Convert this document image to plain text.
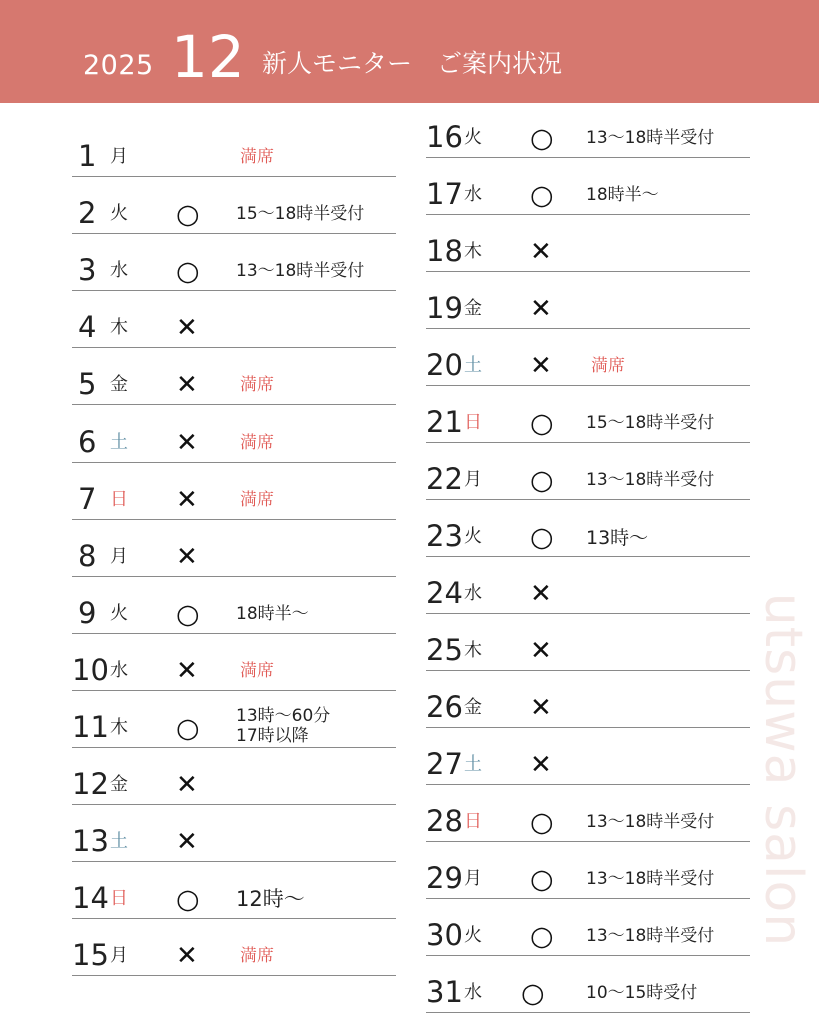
2025 12 新人モニター　ご案内状況
utsuwa salon
1 月	満席
2 火 ○ 15〜18時半受付
3 水 ○ 13〜18時半受付
4 木 ✕
5 金 ✕ 満席
6 土 ✕ 満席
7 日 ✕ 満席
8 月 ✕
9 火 ○ 18時半〜
10 水 ✕ 満席
11 木 ○ 13時〜60分
17時以降
12 金 ✕
13 土 ✕
14 日 ○ 12時〜
15 月 ✕ 満席
16 火 ○ 13〜18時半受付
17 水 ○ 18時半〜
18 木 ✕
19 金 ✕
20 土 ✕ 満席
21 日 ○ 15〜18時半受付
22 月 ○ 13〜18時半受付
23 火 ○ 13時〜
24 水 ✕
25 木 ✕
26 金 ✕
27 土 ✕
28 日 ○ 13〜18時半受付
29 月 ○ 13〜18時半受付
30 火 ○ 13〜18時半受付
31 水 ○ 10〜15時受付
